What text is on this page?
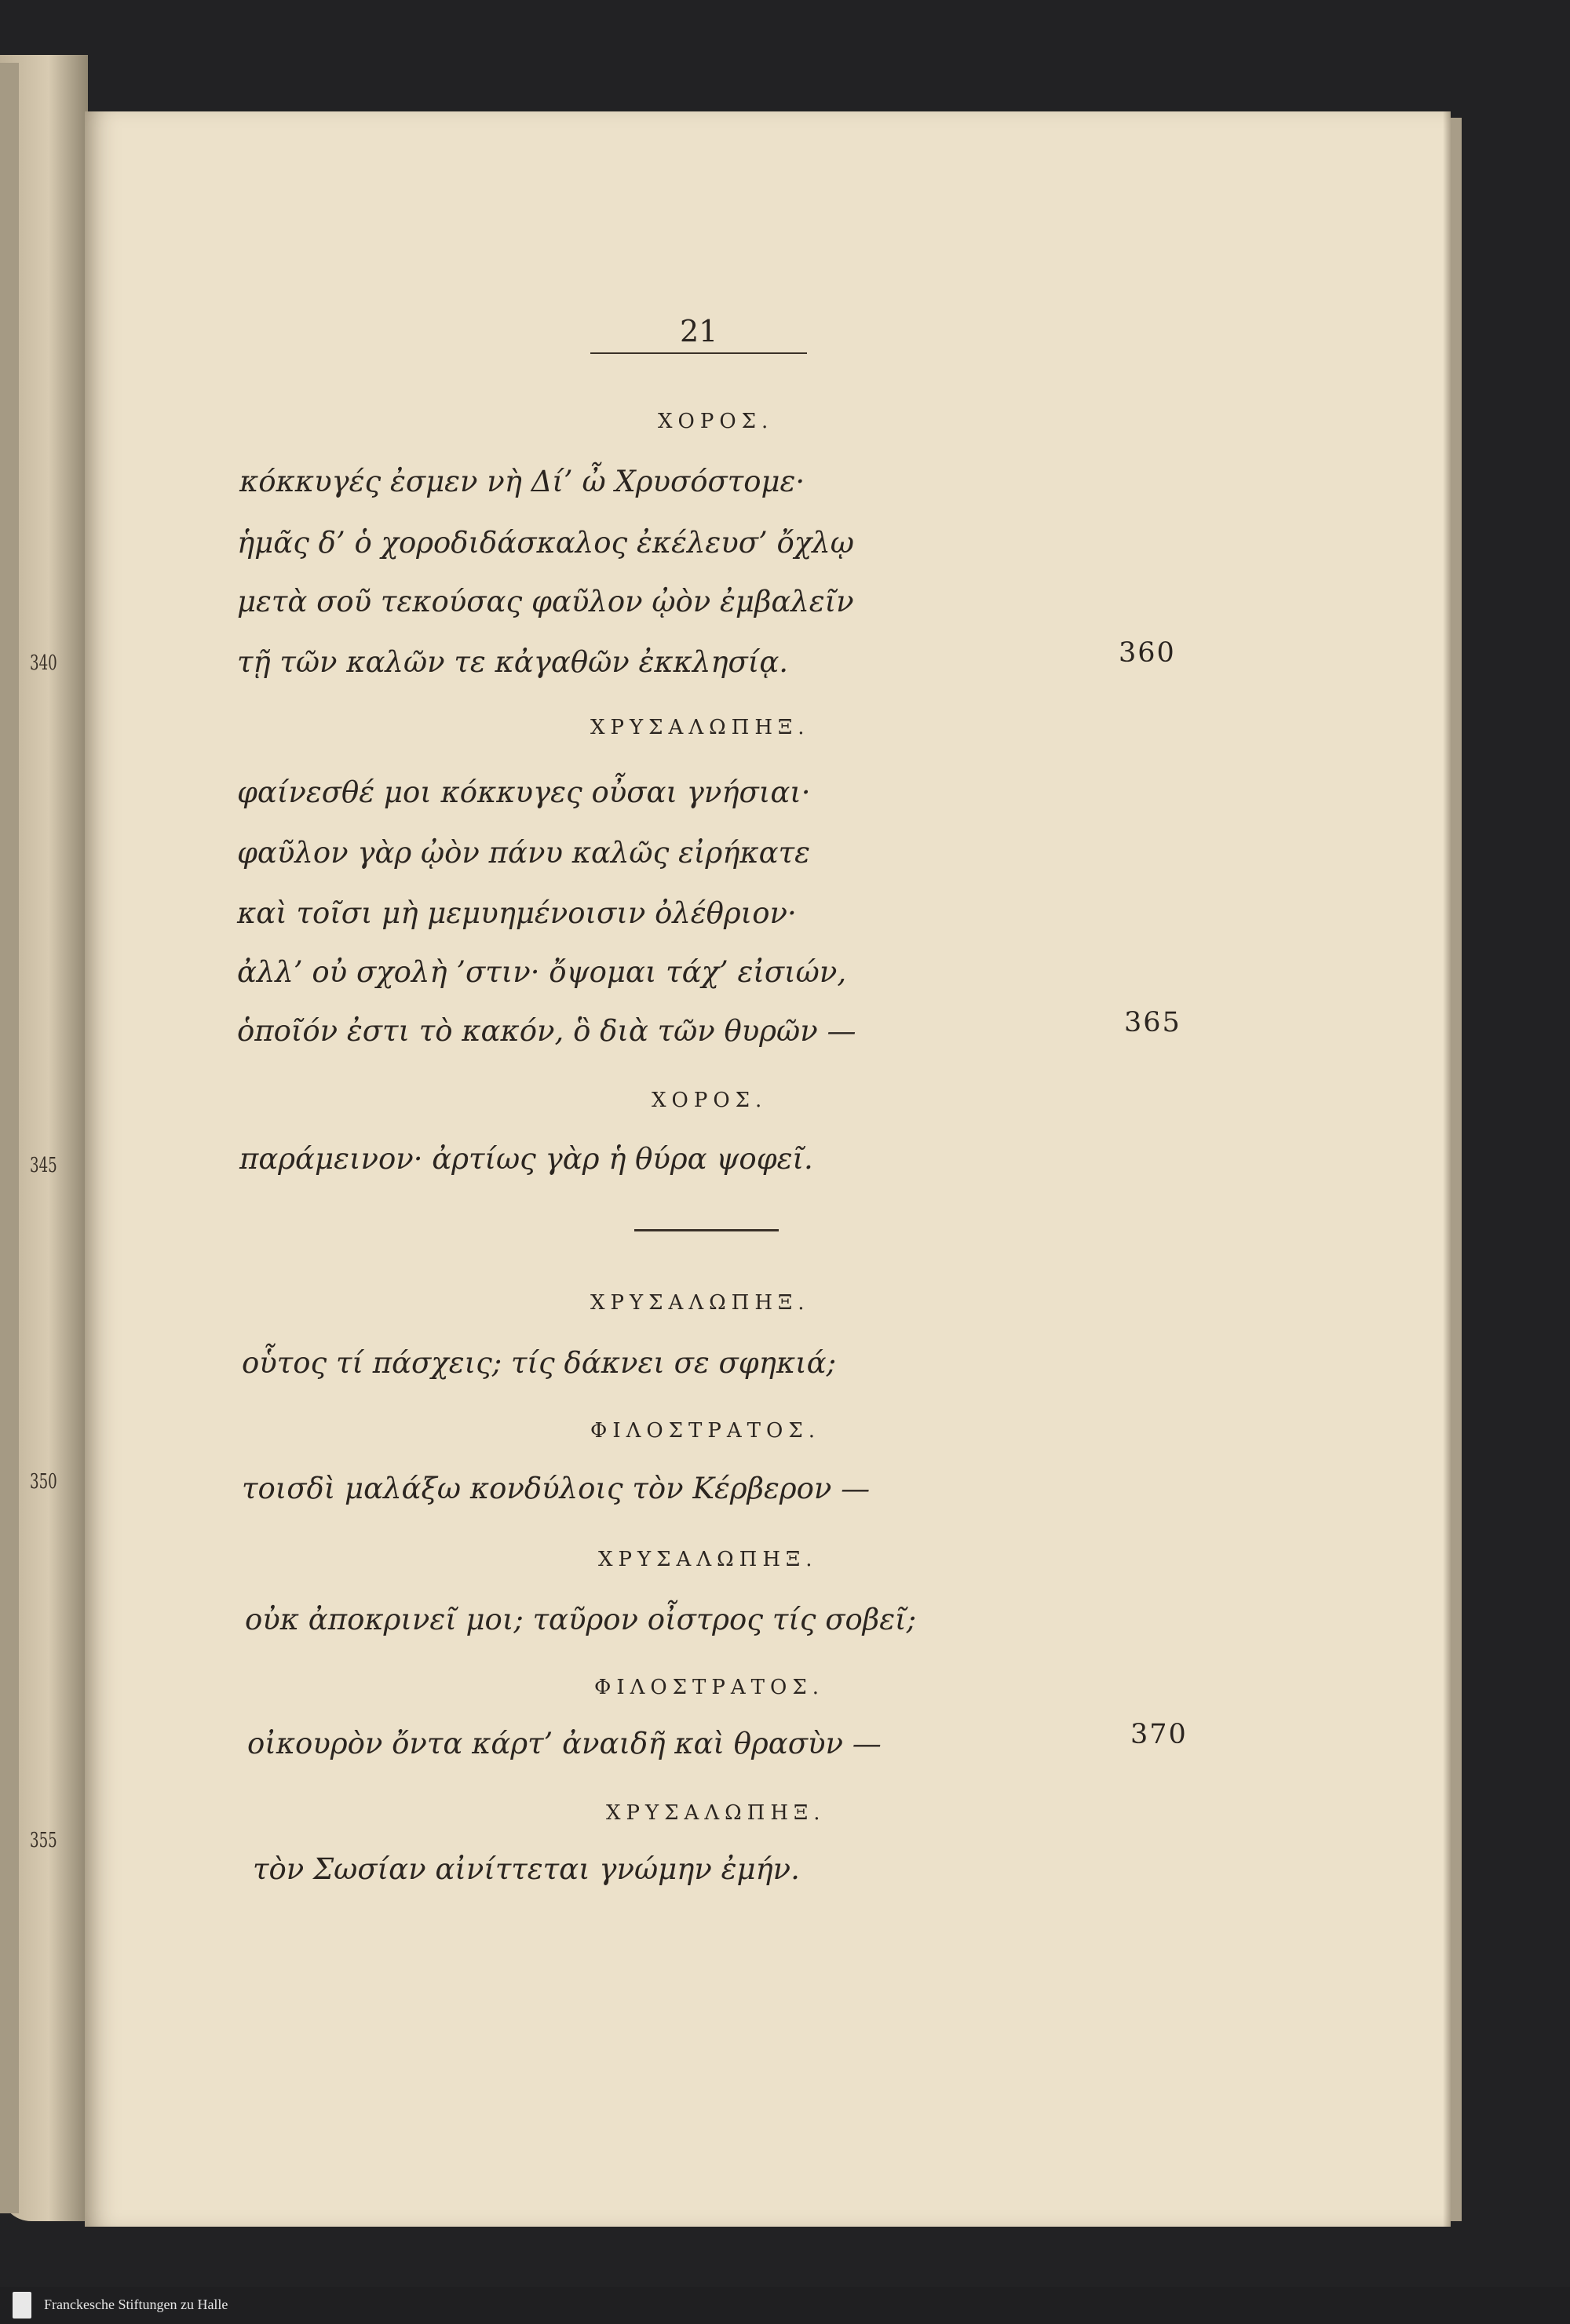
340
345
350
355
21
ΧΟΡΟΣ.
κόκκυγές ἐσμεν νὴ Δί’ ὦ Χρυσόστομε·
ἡμᾶς δ’ ὁ χοροδιδάσκαλος ἐκέλευσ’ ὄχλῳ
μετὰ σοῦ τεκούσας φαῦλον ᾠὸν ἐμβαλεῖν
τῇ τῶν καλῶν τε κἀγαθῶν ἐκκλησίᾳ.	360
ΧΡΥΣΑΛΩΠΗΞ.
φαίνεσθέ μοι κόκκυγες οὖσαι γνήσιαι·
φαῦλον γὰρ ᾠὸν πάνυ καλῶς εἰρήκατε
καὶ τοῖσι μὴ μεμυημένοισιν ὀλέθριον·
ἀλλ’ οὐ σχολὴ ’στιν· ὄψομαι τάχ’ εἰσιών,
ὁποῖόν ἐστι τὸ κακόν, ὃ διὰ τῶν θυρῶν —	365
ΧΟΡΟΣ.
παράμεινον· ἀρτίως γὰρ ἡ θύρα ψοφεῖ.
ΧΡΥΣΑΛΩΠΗΞ.
οὗτος τί πάσχεις; τίς δάκνει σε σφηκιά;
ΦΙΛΟΣΤΡΑΤΟΣ.
τοισδὶ μαλάξω κονδύλοις τὸν Κέρβερον —
ΧΡΥΣΑΛΩΠΗΞ.
οὐκ ἀποκρινεῖ μοι; ταῦρον οἶστρος τίς σοβεῖ;
ΦΙΛΟΣΤΡΑΤΟΣ.
οἰκουρὸν ὄντα κάρτ’ ἀναιδῆ καὶ θρασὺν —	370
ΧΡΥΣΑΛΩΠΗΞ.
τὸν Σωσίαν αἰνίττεται γνώμην ἐμήν.
Franckesche Stiftungen zu Halle
